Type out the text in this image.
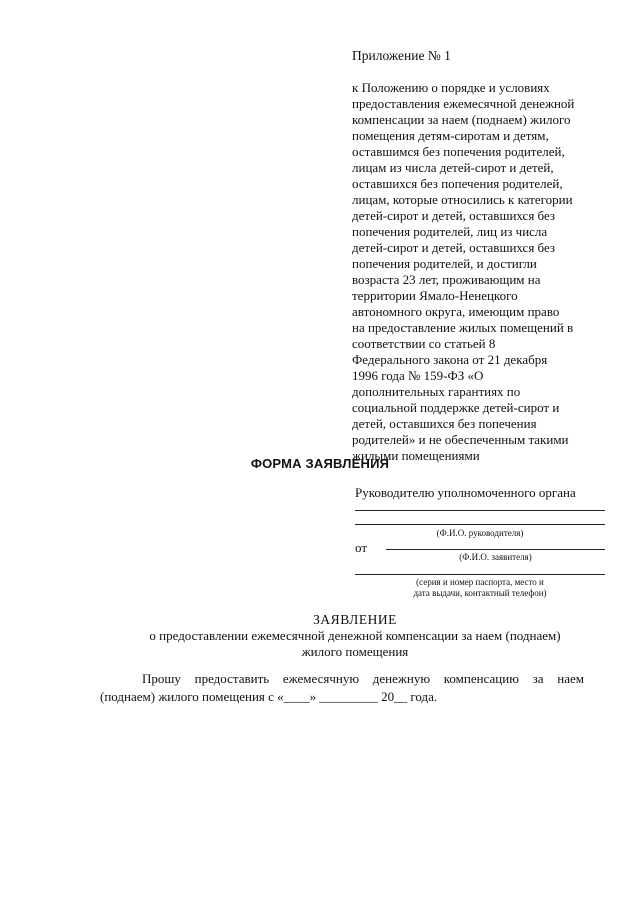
Приложение № 1

к Положению о порядке и условиях
предоставления ежемесячной денежной
компенсации за наем (поднаем) жилого
помещения детям-сиротам и детям,
оставшимся без попечения родителей,
лицам из числа детей-сирот и детей,
оставшихся без попечения родителей,
лицам, которые относились к категории
детей-сирот и детей, оставшихся без
попечения родителей, лиц из числа
детей-сирот и детей, оставшихся без
попечения родителей, и достигли
возраста 23 лет, проживающим на
территории Ямало-Ненецкого
автономного округа, имеющим право
на предоставление жилых помещений в
соответствии со статьей 8
Федерального закона от 21 декабря
1996 года № 159-ФЗ «О
дополнительных гарантиях по
социальной поддержке детей-сирот и
детей, оставшихся без попечения
родителей» и не обеспеченным такими
жилыми помещениями

ФОРМА ЗАЯВЛЕНИЯ

Руководителю уполномоченного органа

(Ф.И.О. руководителя)

от

(Ф.И.О. заявителя)
(серия и номер паспорта, место и
дата выдачи, контактный телефон)

ЗАЯВЛЕНИЕ

о предоставлении ежемесячной денежной компенсации за наем (поднаем)
жилого помещения
Прошу предоставить ежемесячную денежную компенсацию за наем
(поднаем) жилого помещения с «____» _________ 20__ года.
